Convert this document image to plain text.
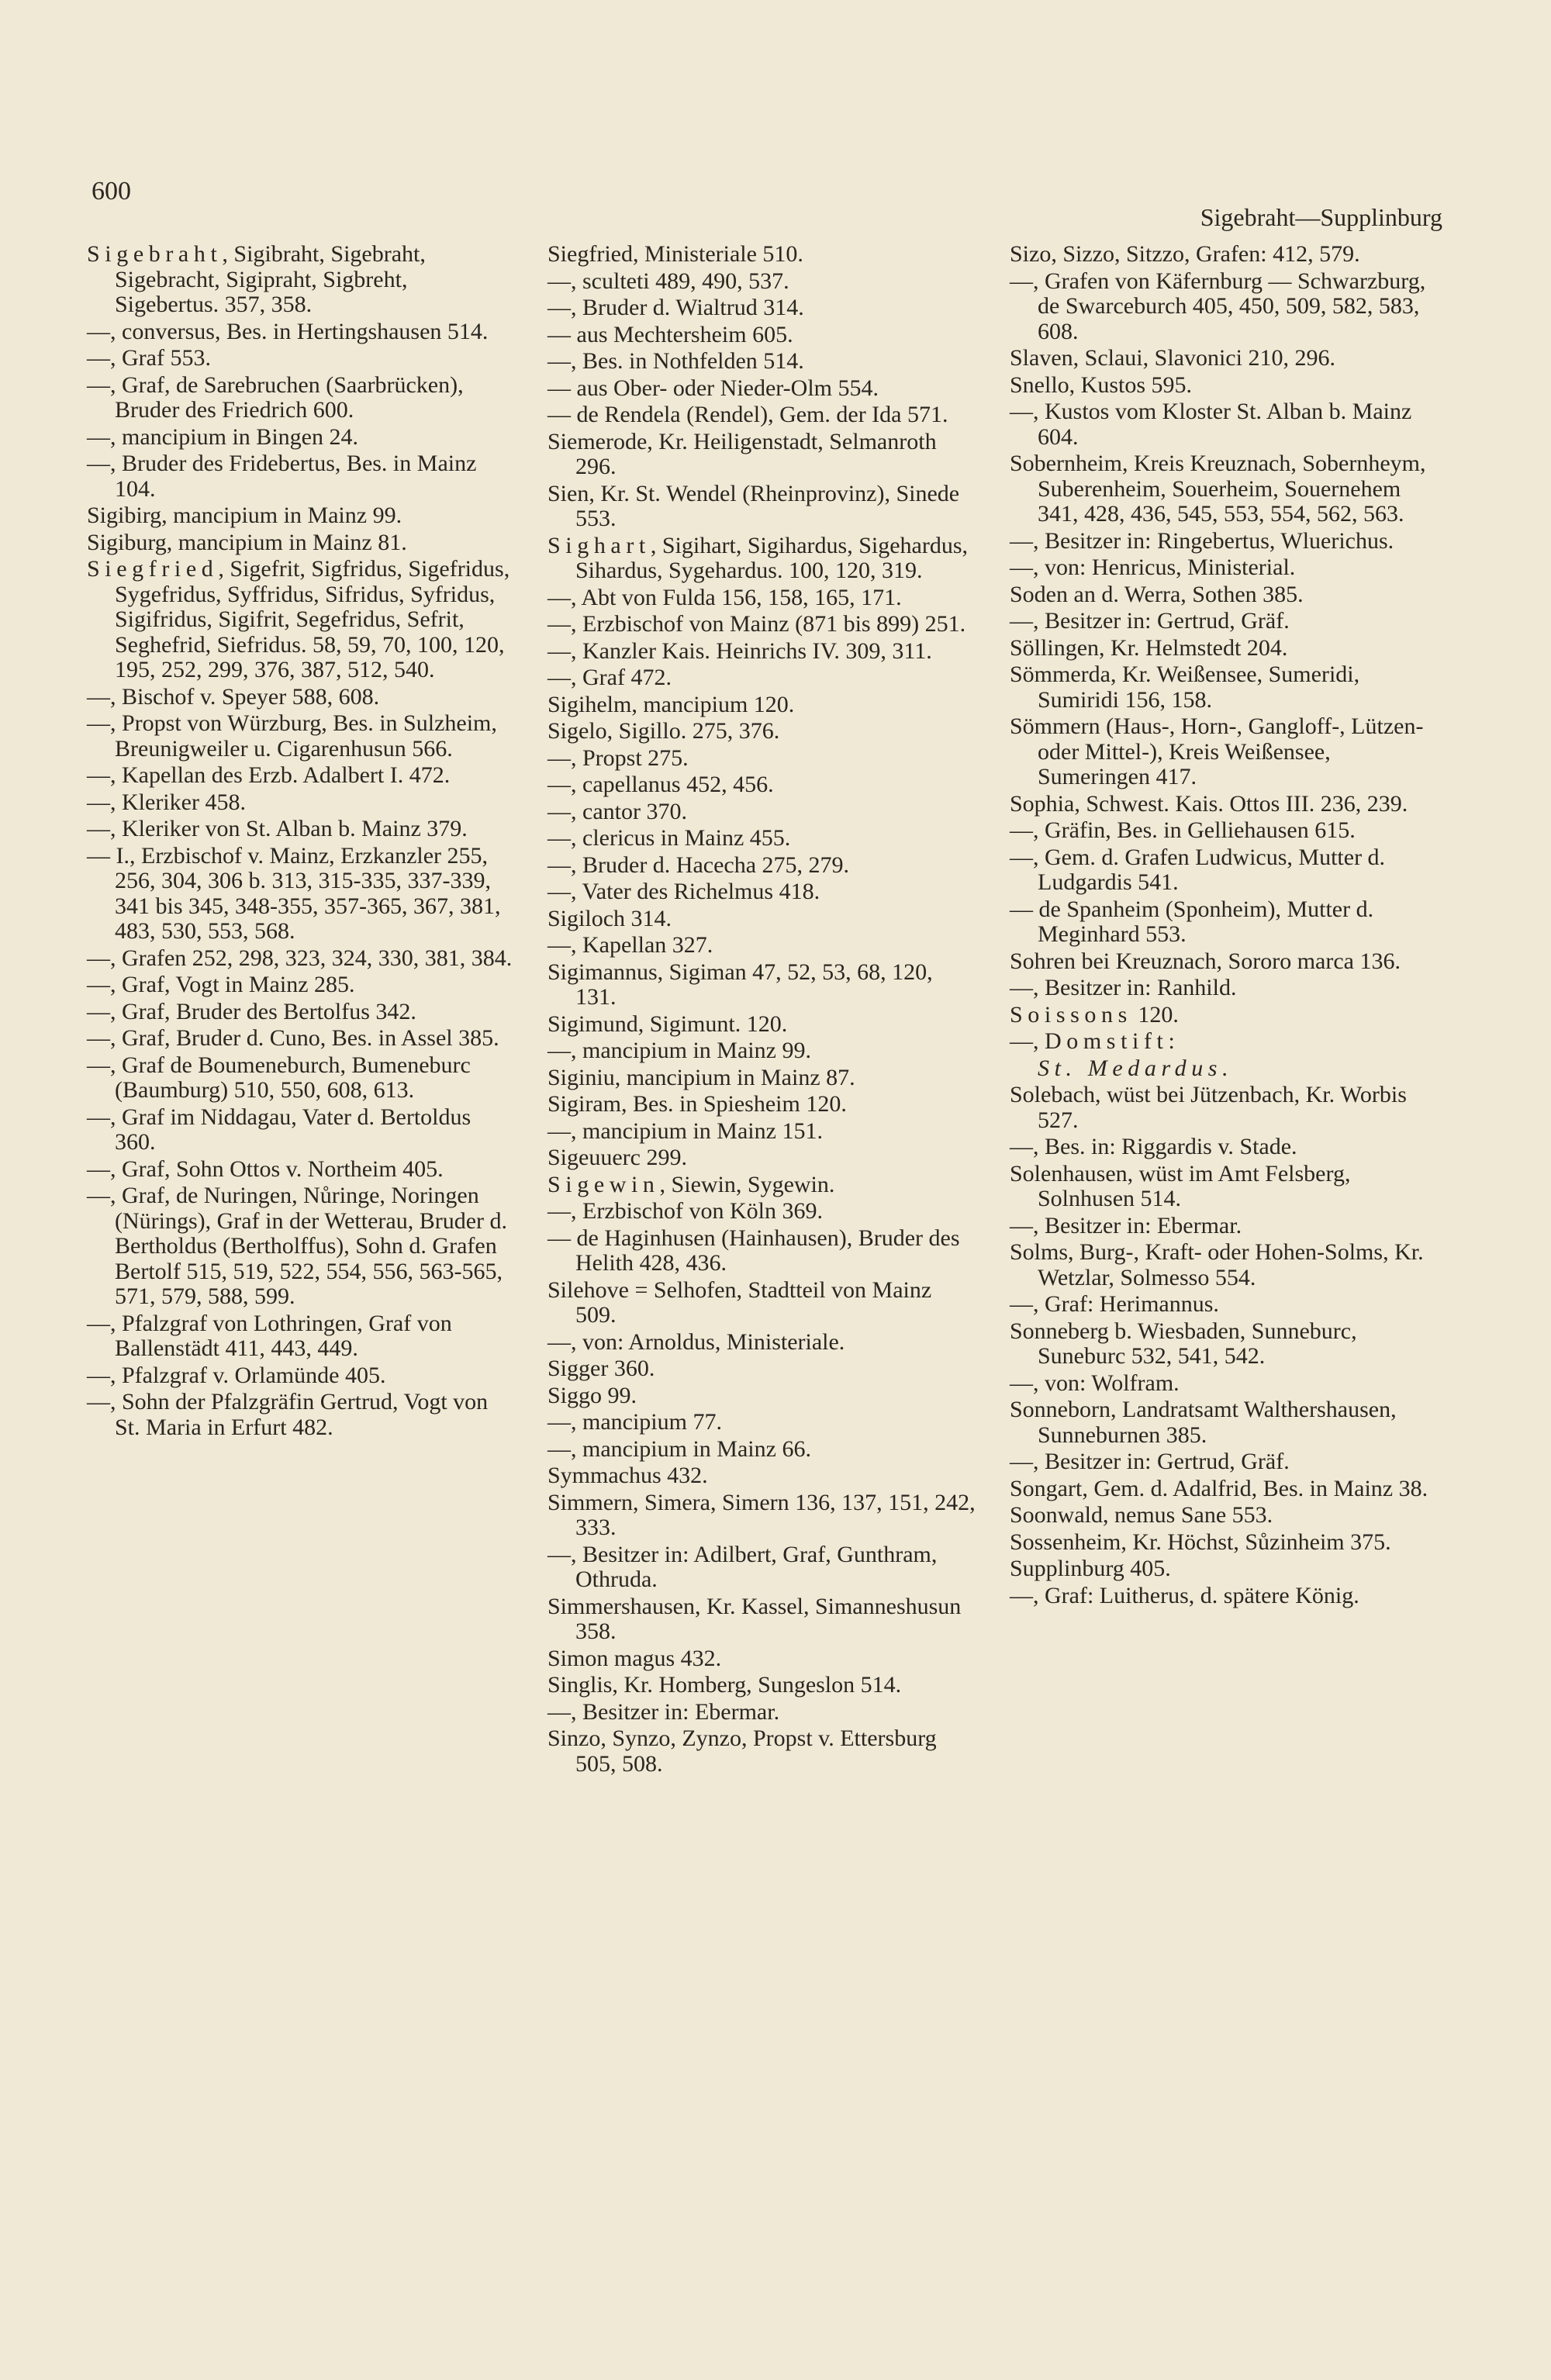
600
Sigebraht—Supplinburg

Sigebraht, Sigibraht, Sigebraht, Sigebracht, Sigipraht, Sigbreht, Sigebertus. 357, 358.

—, conversus, Bes. in Hertingshausen 514.

—, Graf 553.

—, Graf, de Sarebruchen (Saarbrücken), Bruder des Friedrich 600.

—, mancipium in Bingen 24.

—, Bruder des Fridebertus, Bes. in Mainz 104.

Sigibirg, mancipium in Mainz 99.

Sigiburg, mancipium in Mainz 81.

Siegfried, Sigefrit, Sigfridus, Sigefridus, Sygefridus, Syffridus, Sifridus, Syfridus, Sigifridus, Sigifrit, Segefridus, Sefrit, Seghefrid, Siefridus. 58, 59, 70, 100, 120, 195, 252, 299, 376, 387, 512, 540.

—, Bischof v. Speyer 588, 608.

—, Propst von Würzburg, Bes. in Sulzheim, Breunigweiler u. Cigarenhusun 566.

—, Kapellan des Erzb. Adalbert I. 472.

—, Kleriker 458.

—, Kleriker von St. Alban b. Mainz 379.

— I., Erzbischof v. Mainz, Erzkanzler 255, 256, 304, 306 b. 313, 315-335, 337-339, 341 bis 345, 348-355, 357-365, 367, 381, 483, 530, 553, 568.

—, Grafen 252, 298, 323, 324, 330, 381, 384.

—, Graf, Vogt in Mainz 285.

—, Graf, Bruder des Bertolfus 342.

—, Graf, Bruder d. Cuno, Bes. in Assel 385.

—, Graf de Boumeneburch, Bumeneburc (Baumburg) 510, 550, 608, 613.

—, Graf im Niddagau, Vater d. Bertoldus 360.

—, Graf, Sohn Ottos v. Northeim 405.

—, Graf, de Nuringen, Nůringe, Noringen (Nürings), Graf in der Wetterau, Bruder d. Bertholdus (Bertholffus), Sohn d. Grafen Bertolf 515, 519, 522, 554, 556, 563-565, 571, 579, 588, 599.

—, Pfalzgraf von Lothringen, Graf von Ballenstädt 411, 443, 449.

—, Pfalzgraf v. Orlamünde 405.

—, Sohn der Pfalzgräfin Gertrud, Vogt von St. Maria in Erfurt 482.

Siegfried, Ministeriale 510.

—, sculteti 489, 490, 537.

—, Bruder d. Wialtrud 314.

— aus Mechtersheim 605.

—, Bes. in Nothfelden 514.

— aus Ober- oder Nieder-Olm 554.

— de Rendela (Rendel), Gem. der Ida 571.

Siemerode, Kr. Heiligenstadt, Selmanroth 296.

Sien, Kr. St. Wendel (Rheinprovinz), Sinede 553.

Sighart, Sigihart, Sigihardus, Sigehardus, Sihardus, Sygehardus. 100, 120, 319.

—, Abt von Fulda 156, 158, 165, 171.

—, Erzbischof von Mainz (871 bis 899) 251.

—, Kanzler Kais. Heinrichs IV. 309, 311.

—, Graf 472.

Sigihelm, mancipium 120.

Sigelo, Sigillo. 275, 376.

—, Propst 275.

—, capellanus 452, 456.

—, cantor 370.

—, clericus in Mainz 455.

—, Bruder d. Hacecha 275, 279.

—, Vater des Richelmus 418.

Sigiloch 314.

—, Kapellan 327.

Sigimannus, Sigiman 47, 52, 53, 68, 120, 131.

Sigimund, Sigimunt. 120.

—, mancipium in Mainz 99.

Siginiu, mancipium in Mainz 87.

Sigiram, Bes. in Spiesheim 120.

—, mancipium in Mainz 151.

Sigeuuerc 299.

Sigewin, Siewin, Sygewin.

—, Erzbischof von Köln 369.

— de Haginhusen (Hainhausen), Bruder des Helith 428, 436.

Silehove = Selhofen, Stadtteil von Mainz 509.

—, von: Arnoldus, Ministeriale.

Sigger 360.

Siggo 99.

—, mancipium 77.

—, mancipium in Mainz 66.

Symmachus 432.

Simmern, Simera, Simern 136, 137, 151, 242, 333.

—, Besitzer in: Adilbert, Graf, Gunthram, Othruda.

Simmershausen, Kr. Kassel, Simanneshusun 358.

Simon magus 432.

Singlis, Kr. Homberg, Sungeslon 514.

—, Besitzer in: Ebermar.

Sinzo, Synzo, Zynzo, Propst v. Ettersburg 505, 508.

Sizo, Sizzo, Sitzzo, Grafen: 412, 579.

—, Grafen von Käfernburg — Schwarzburg, de Swarceburch 405, 450, 509, 582, 583, 608.

Slaven, Sclaui, Slavonici 210, 296.

Snello, Kustos 595.

—, Kustos vom Kloster St. Alban b. Mainz 604.

Sobernheim, Kreis Kreuznach, Sobernheym, Suberenheim, Souerheim, Souernehem 341, 428, 436, 545, 553, 554, 562, 563.

—, Besitzer in: Ringebertus, Wluerichus.

—, von: Henricus, Ministerial.

Soden an d. Werra, Sothen 385.

—, Besitzer in: Gertrud, Gräf.

Söllingen, Kr. Helmstedt 204.

Sömmerda, Kr. Weißensee, Sumeridi, Sumiridi 156, 158.

Sömmern (Haus-, Horn-, Gangloff-, Lützen- oder Mittel-), Kreis Weißensee, Sumeringen 417.

Sophia, Schwest. Kais. Ottos III. 236, 239.

—, Gräfin, Bes. in Gelliehausen 615.

—, Gem. d. Grafen Ludwicus, Mutter d. Ludgardis 541.

— de Spanheim (Sponheim), Mutter d. Meginhard 553.

Sohren bei Kreuznach, Sororo marca 136.

—, Besitzer in: Ranhild.

Soissons 120.

—, Domstift:

St. Medardus.

Solebach, wüst bei Jützenbach, Kr. Worbis 527.

—, Bes. in: Riggardis v. Stade.

Solenhausen, wüst im Amt Felsberg, Solnhusen 514.

—, Besitzer in: Ebermar.

Solms, Burg-, Kraft- oder Hohen-Solms, Kr. Wetzlar, Solmesso 554.

—, Graf: Herimannus.

Sonneberg b. Wiesbaden, Sunneburc, Suneburc 532, 541, 542.

—, von: Wolfram.

Sonneborn, Landratsamt Walthershausen, Sunneburnen 385.

—, Besitzer in: Gertrud, Gräf.

Songart, Gem. d. Adalfrid, Bes. in Mainz 38.

Soonwald, nemus Sane 553.

Sossenheim, Kr. Höchst, Sůzinheim 375.

Supplinburg 405.

—, Graf: Luitherus, d. spätere König.
